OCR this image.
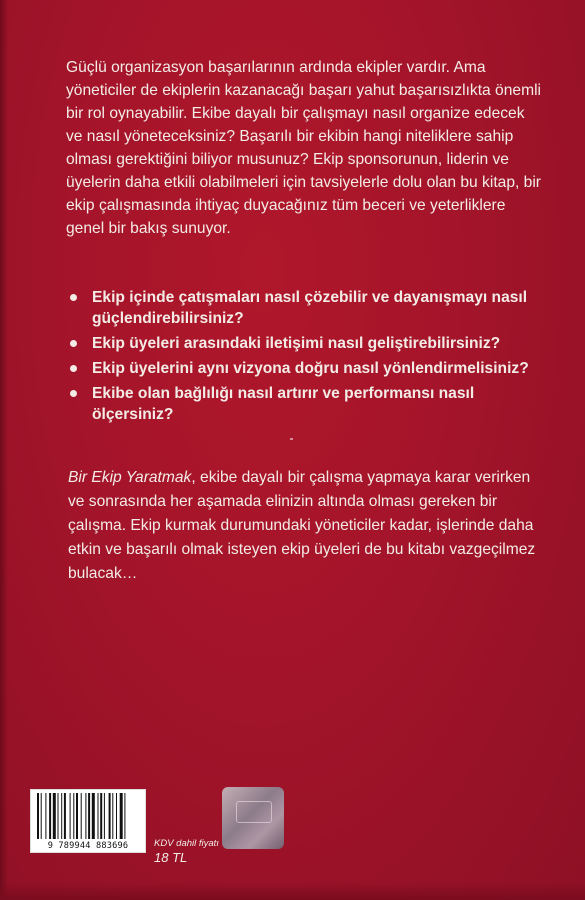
Güçlü organizasyon başarılarının ardında ekipler vardır. Ama yöneticiler de ekiplerin kazanacağı başarı yahut başarısızlıkta önemli bir rol oynayabilir. Ekibe dayalı bir çalışmayı nasıl organize edecek ve nasıl yöneteceksiniz? Başarılı bir ekibin hangi niteliklere sahip olması gerektiğini biliyor musunuz? Ekip sponsorunun, liderin ve üyelerin daha etkili olabilmeleri için tavsiyelerle dolu olan bu kitap, bir ekip çalışmasında ihtiyaç duyacağınız tüm beceri ve yeterliklere genel bir bakış sunuyor.

Ekip içinde çatışmaları nasıl çözebilir ve dayanışmayı nasıl güçlendirebilirsiniz?
Ekip üyeleri arasındaki iletişimi nasıl geliştirebilirsiniz?
Ekip üyelerini aynı vizyona doğru nasıl yönlendirmelisiniz?
Ekibe olan bağlılığı nasıl artırır ve performansı nasıl ölçersiniz?

Bir Ekip Yaratmak, ekibe dayalı bir çalışma yapmaya karar verirken ve sonrasında her aşamada elinizin altında olması gereken bir çalışma. Ekip kurmak durumundaki yöneticiler kadar, işlerinde daha etkin ve başarılı olmak isteyen ekip üyeleri de bu kitabı vazgeçilmez bulacak…

9 789944 883696	KDV dahil fiyatı
18 TL
